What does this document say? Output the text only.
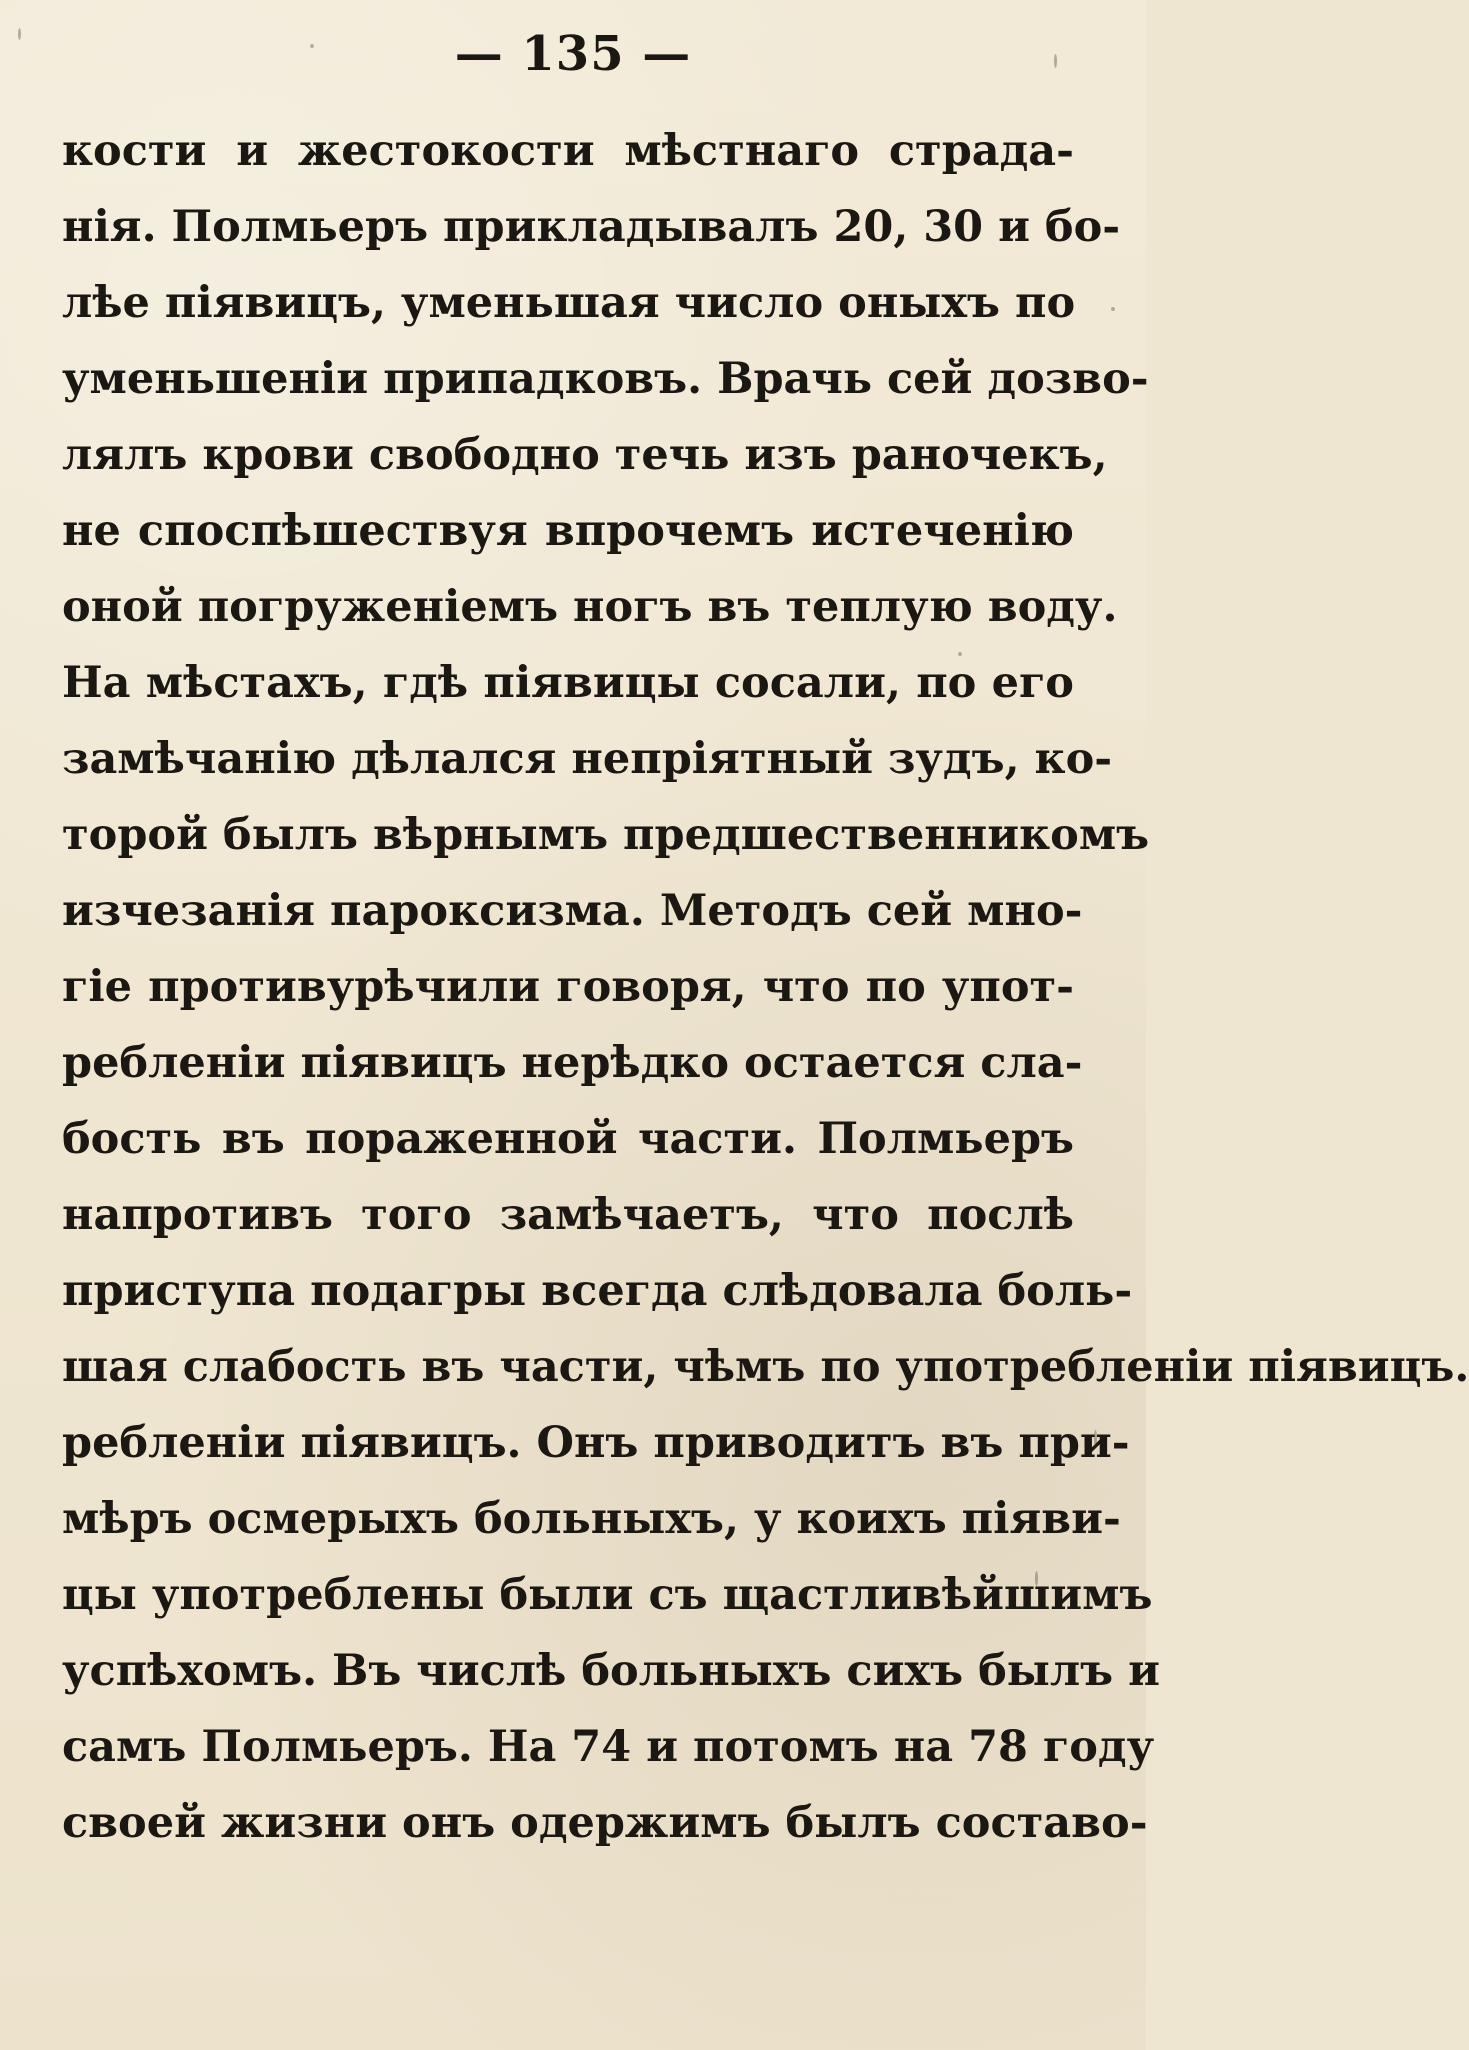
— 135 —
кости и жестокости мѣстнаго страда-
нія. Полмьеръ прикладывалъ 20, 30 и бо-
лѣе піявицъ, уменьшая число оныхъ по
уменьшеніи припадковъ. Врачь сей дозво-
лялъ крови свободно течь изъ раночекъ,
не споспѣшествуя впрочемъ истеченію
оной погруженіемъ ногъ въ теплую воду.
На мѣстахъ, гдѣ піявицы сосали, по его
замѣчанію дѣлался непріятный зудъ, ко-
торой былъ вѣрнымъ предшественникомъ
изчезанія пароксизма. Методъ сей мно-
гіе противурѣчили говоря, что по упот-
ребленіи піявицъ нерѣдко остается сла-
бость въ пораженной части. Полмьеръ
напротивъ того замѣчаетъ, что послѣ
приступа подагры всегда слѣдовала боль-
шая слабость въ части, чѣмъ по употребленіи піявицъ.
ребленіи піявицъ. Онъ приводитъ въ при-
мѣръ осмерыхъ больныхъ, у коихъ піяви-
цы употреблены были съ щастливѣйшимъ
успѣхомъ. Въ числѣ больныхъ сихъ былъ и
самъ Полмьеръ. На 74 и потомъ на 78 году
своей жизни онъ одержимъ былъ составо-
